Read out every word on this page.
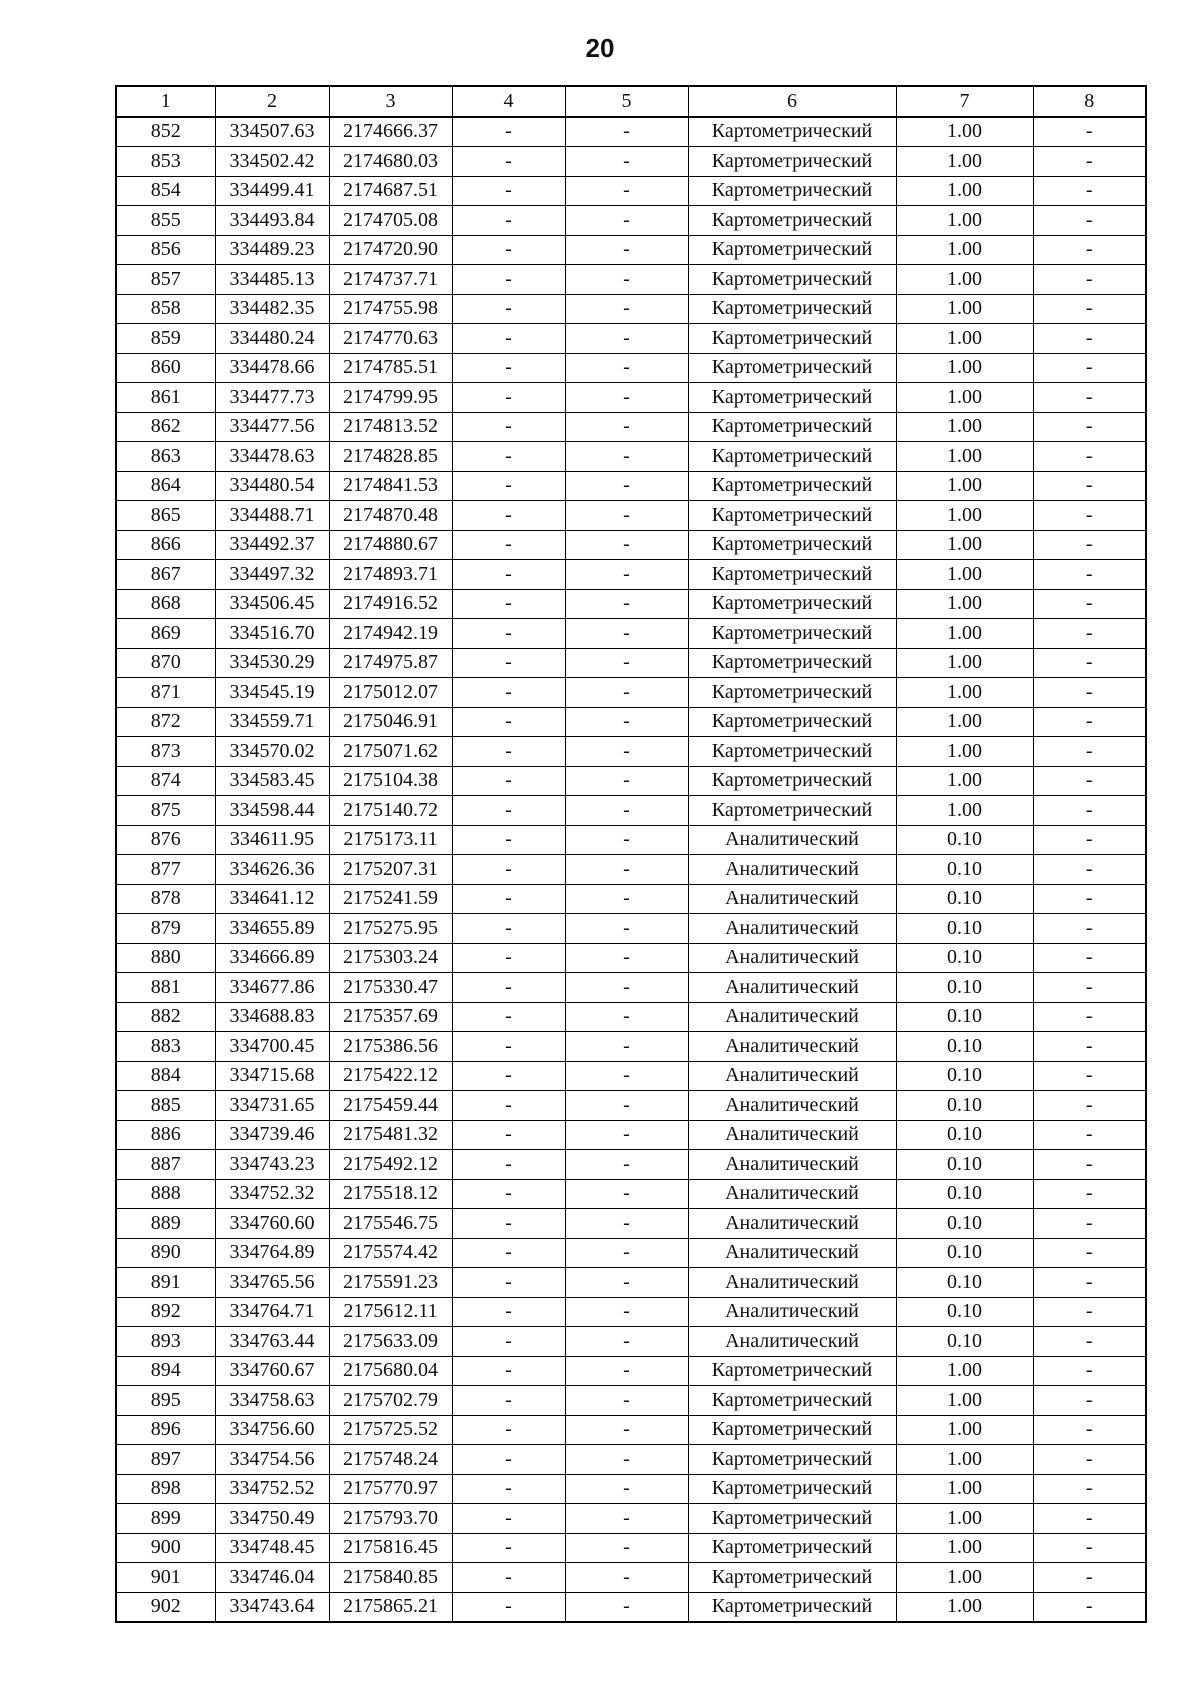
20
1	2	3	4	5	6	7	8
852	334507.63	2174666.37	-	-	Картометрический	1.00	-
853	334502.42	2174680.03	-	-	Картометрический	1.00	-
854	334499.41	2174687.51	-	-	Картометрический	1.00	-
855	334493.84	2174705.08	-	-	Картометрический	1.00	-
856	334489.23	2174720.90	-	-	Картометрический	1.00	-
857	334485.13	2174737.71	-	-	Картометрический	1.00	-
858	334482.35	2174755.98	-	-	Картометрический	1.00	-
859	334480.24	2174770.63	-	-	Картометрический	1.00	-
860	334478.66	2174785.51	-	-	Картометрический	1.00	-
861	334477.73	2174799.95	-	-	Картометрический	1.00	-
862	334477.56	2174813.52	-	-	Картометрический	1.00	-
863	334478.63	2174828.85	-	-	Картометрический	1.00	-
864	334480.54	2174841.53	-	-	Картометрический	1.00	-
865	334488.71	2174870.48	-	-	Картометрический	1.00	-
866	334492.37	2174880.67	-	-	Картометрический	1.00	-
867	334497.32	2174893.71	-	-	Картометрический	1.00	-
868	334506.45	2174916.52	-	-	Картометрический	1.00	-
869	334516.70	2174942.19	-	-	Картометрический	1.00	-
870	334530.29	2174975.87	-	-	Картометрический	1.00	-
871	334545.19	2175012.07	-	-	Картометрический	1.00	-
872	334559.71	2175046.91	-	-	Картометрический	1.00	-
873	334570.02	2175071.62	-	-	Картометрический	1.00	-
874	334583.45	2175104.38	-	-	Картометрический	1.00	-
875	334598.44	2175140.72	-	-	Картометрический	1.00	-
876	334611.95	2175173.11	-	-	Аналитический	0.10	-
877	334626.36	2175207.31	-	-	Аналитический	0.10	-
878	334641.12	2175241.59	-	-	Аналитический	0.10	-
879	334655.89	2175275.95	-	-	Аналитический	0.10	-
880	334666.89	2175303.24	-	-	Аналитический	0.10	-
881	334677.86	2175330.47	-	-	Аналитический	0.10	-
882	334688.83	2175357.69	-	-	Аналитический	0.10	-
883	334700.45	2175386.56	-	-	Аналитический	0.10	-
884	334715.68	2175422.12	-	-	Аналитический	0.10	-
885	334731.65	2175459.44	-	-	Аналитический	0.10	-
886	334739.46	2175481.32	-	-	Аналитический	0.10	-
887	334743.23	2175492.12	-	-	Аналитический	0.10	-
888	334752.32	2175518.12	-	-	Аналитический	0.10	-
889	334760.60	2175546.75	-	-	Аналитический	0.10	-
890	334764.89	2175574.42	-	-	Аналитический	0.10	-
891	334765.56	2175591.23	-	-	Аналитический	0.10	-
892	334764.71	2175612.11	-	-	Аналитический	0.10	-
893	334763.44	2175633.09	-	-	Аналитический	0.10	-
894	334760.67	2175680.04	-	-	Картометрический	1.00	-
895	334758.63	2175702.79	-	-	Картометрический	1.00	-
896	334756.60	2175725.52	-	-	Картометрический	1.00	-
897	334754.56	2175748.24	-	-	Картометрический	1.00	-
898	334752.52	2175770.97	-	-	Картометрический	1.00	-
899	334750.49	2175793.70	-	-	Картометрический	1.00	-
900	334748.45	2175816.45	-	-	Картометрический	1.00	-
901	334746.04	2175840.85	-	-	Картометрический	1.00	-
902	334743.64	2175865.21	-	-	Картометрический	1.00	-
